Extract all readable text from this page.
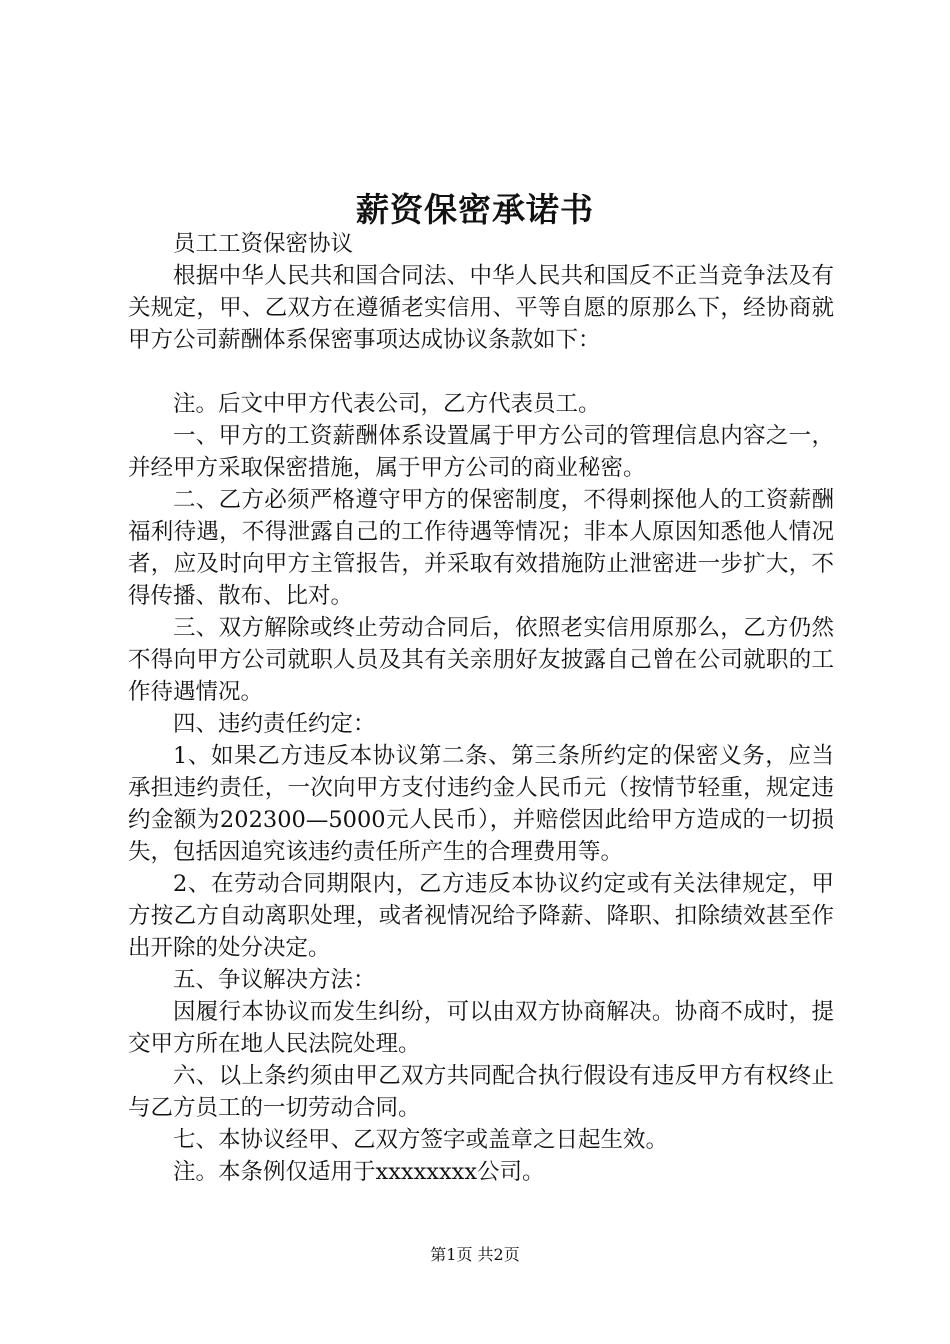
薪资保密承诺书

员工工资保密协议

根据中华人民共和国合同法、中华人民共和国反不正当竞争法及有关规定，甲、乙双方在遵循老实信用、平等自愿的原那么下，经协商就甲方公司薪酬体系保密事项达成协议条款如下：

注。后文中甲方代表公司，乙方代表员工。

一、甲方的工资薪酬体系设置属于甲方公司的管理信息内容之一，并经甲方采取保密措施，属于甲方公司的商业秘密。

二、乙方必须严格遵守甲方的保密制度，不得刺探他人的工资薪酬福利待遇，不得泄露自己的工作待遇等情况；非本人原因知悉他人情况者，应及时向甲方主管报告，并采取有效措施防止泄密进一步扩大，不得传播、散布、比对。

三、双方解除或终止劳动合同后，依照老实信用原那么，乙方仍然不得向甲方公司就职人员及其有关亲朋好友披露自己曾在公司就职的工作待遇情况。

四、违约责任约定：

1、如果乙方违反本协议第二条、第三条所约定的保密义务，应当承担违约责任，一次向甲方支付违约金人民币元（按情节轻重，规定违约金额为202300—5000元人民币），并赔偿因此给甲方造成的一切损失，包括因追究该违约责任所产生的合理费用等。

2、在劳动合同期限内，乙方违反本协议约定或有关法律规定，甲方按乙方自动离职处理，或者视情况给予降薪、降职、扣除绩效甚至作出开除的处分决定。

五、争议解决方法：

因履行本协议而发生纠纷，可以由双方协商解决。协商不成时，提交甲方所在地人民法院处理。

六、以上条约须由甲乙双方共同配合执行假设有违反甲方有权终止与乙方员工的一切劳动合同。

七、本协议经甲、乙双方签字或盖章之日起生效。

注。本条例仅适用于xxxxxxxx公司。

第1页 共2页
